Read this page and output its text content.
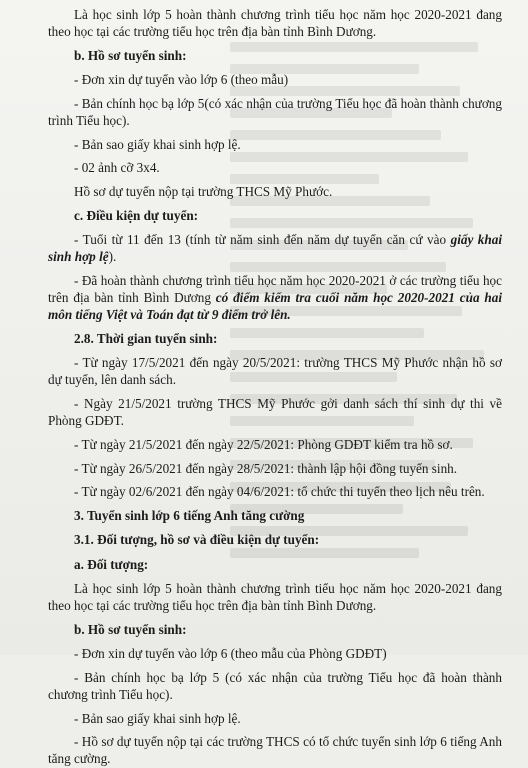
Là học sinh lớp 5 hoàn thành chương trình tiểu học năm học 2020-2021 đang theo học tại các trường tiểu học trên địa bàn tỉnh Bình Dương.

b. Hồ sơ tuyển sinh:

- Đơn xin dự tuyển vào lớp 6 (theo mẫu)

- Bản chính học bạ lớp 5(có xác nhận của trường Tiểu học đã hoàn thành chương trình Tiểu học).

- Bản sao giấy khai sinh hợp lệ.

- 02 ảnh cỡ 3x4.

Hồ sơ dự tuyển nộp tại trường THCS Mỹ Phước.

c. Điều kiện dự tuyển:

- Tuổi từ 11 đến 13 (tính từ năm sinh đến năm dự tuyển căn cứ vào giấy khai sinh hợp lệ).

- Đã hoàn thành chương trình tiểu học năm học 2020-2021 ở các trường tiểu học trên địa bàn tỉnh Bình Dương có điểm kiểm tra cuối năm học 2020-2021 của hai môn tiếng Việt và Toán đạt từ 9 điểm trở lên.

2.8. Thời gian tuyển sinh:

- Từ ngày 17/5/2021 đến ngày 20/5/2021: trường THCS Mỹ Phước nhận hồ sơ dự tuyển, lên danh sách.

- Ngày 21/5/2021 trường THCS Mỹ Phước gởi danh sách thí sinh dự thi về Phòng GDĐT.

- Từ ngày 21/5/2021 đến ngày 22/5/2021: Phòng GDĐT kiểm tra hồ sơ.

- Từ ngày 26/5/2021 đến ngày 28/5/2021: thành lập hội đồng tuyển sinh.

- Từ ngày 02/6/2021 đến ngày 04/6/2021: tổ chức thi tuyển theo lịch nêu trên.

3. Tuyển sinh lớp 6 tiếng Anh tăng cường

3.1. Đối tượng, hồ sơ và điều kiện dự tuyển:

a. Đối tượng:

Là học sinh lớp 5 hoàn thành chương trình tiểu học năm học 2020-2021 đang theo học tại các trường tiểu học trên địa bàn tỉnh Bình Dương.

b. Hồ sơ tuyển sinh:

- Đơn xin dự tuyển vào lớp 6 (theo mẫu của Phòng GDĐT)

- Bản chính học bạ lớp 5 (có xác nhận của trường Tiểu học đã hoàn thành chương trình Tiểu học).

- Bản sao giấy khai sinh hợp lệ.

- Hồ sơ dự tuyển nộp tại các trường THCS có tổ chức tuyển sinh lớp 6 tiếng Anh tăng cường.
